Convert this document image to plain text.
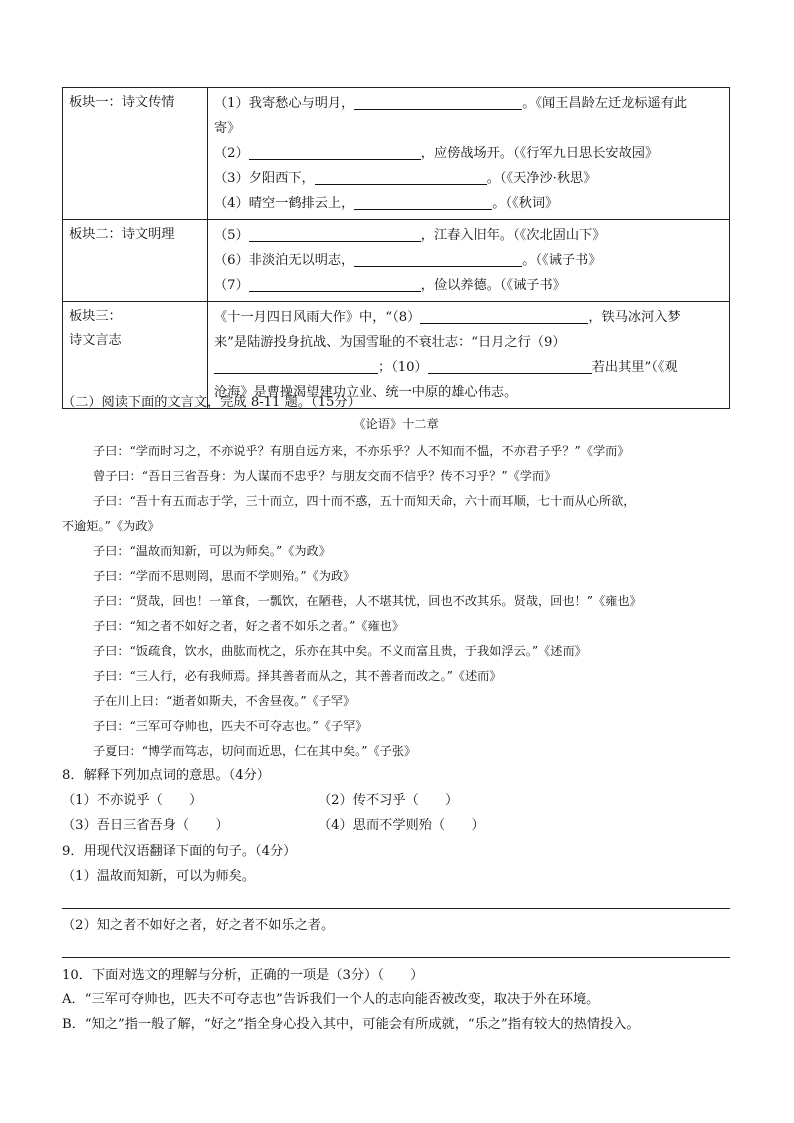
板块一：诗文传情	（1）我寄愁心与明月， 。《闻王昌龄左迁龙标遥有此
寄》
（2） ，应傍战场开。（《行军九日思长安故园》
（3）夕阳西下， 。（《天净沙·秋思》
（4）晴空一鹤排云上， 。（《秋词》

板块二：诗文明理	（5） ，江春入旧年。（《次北固山下》
（6）非淡泊无以明志， 。（《诫子书》
（7） ，俭以养德。（《诫子书》

板块三：
诗文言志	《十一月四日风雨大作》中，“（8） ，铁马冰河入梦
来”是陆游投身抗战、为国雪耻的不衰壮志：“日月之行（9）
；（10） 若出其里”（《观
沧海》是曹操渴望建功立业、统一中原的雄心伟志。
（二）阅读下面的文言文，完成 8-11 题。（15分）
《论语》十二章
子曰：“学而时习之，不亦说乎？有朋自远方来，不亦乐乎？人不知而不愠，不亦君子乎？”《学而》
曾子曰：“吾日三省吾身：为人谋而不忠乎？与朋友交而不信乎？传不习乎？”《学而》
子曰：“吾十有五而志于学，三十而立，四十而不惑，五十而知天命，六十而耳顺，七十而从心所欲，
不逾矩。”《为政》
子曰：“温故而知新，可以为师矣。”《为政》
子曰：“学而不思则罔，思而不学则殆。”《为政》
子曰：“贤哉，回也！一箪食，一瓢饮，在陋巷，人不堪其忧，回也不改其乐。贤哉，回也！”《雍也》
子曰：“知之者不如好之者，好之者不如乐之者。”《雍也》
子曰：“饭疏食，饮水，曲肱而枕之，乐亦在其中矣。不义而富且贵，于我如浮云。”《述而》
子曰：“三人行，必有我师焉。择其善者而从之，其不善者而改之。”《述而》
子在川上曰：“逝者如斯夫，不舍昼夜。”《子罕》
子曰：“三军可夺帅也，匹夫不可夺志也。”《子罕》
子夏曰：“博学而笃志，切问而近思，仁在其中矣。”《子张》
8．解释下列加点词的意思。（4分）
（1）不亦说乎（　　）	（2）传不习乎（　　）
（3）吾日三省吾身（　　）	（4）思而不学则殆（　　）
9．用现代汉语翻译下面的句子。（4分）
（1）温故而知新，可以为师矣。
（2）知之者不如好之者，好之者不如乐之者。
10．下面对选文的理解与分析，正确的一项是（3分）（　　）
A．“三军可夺帅也，匹夫不可夺志也”告诉我们一个人的志向能否被改变，取决于外在环境。
B．“知之”指一般了解，“好之”指全身心投入其中，可能会有所成就，“乐之”指有较大的热情投入。
